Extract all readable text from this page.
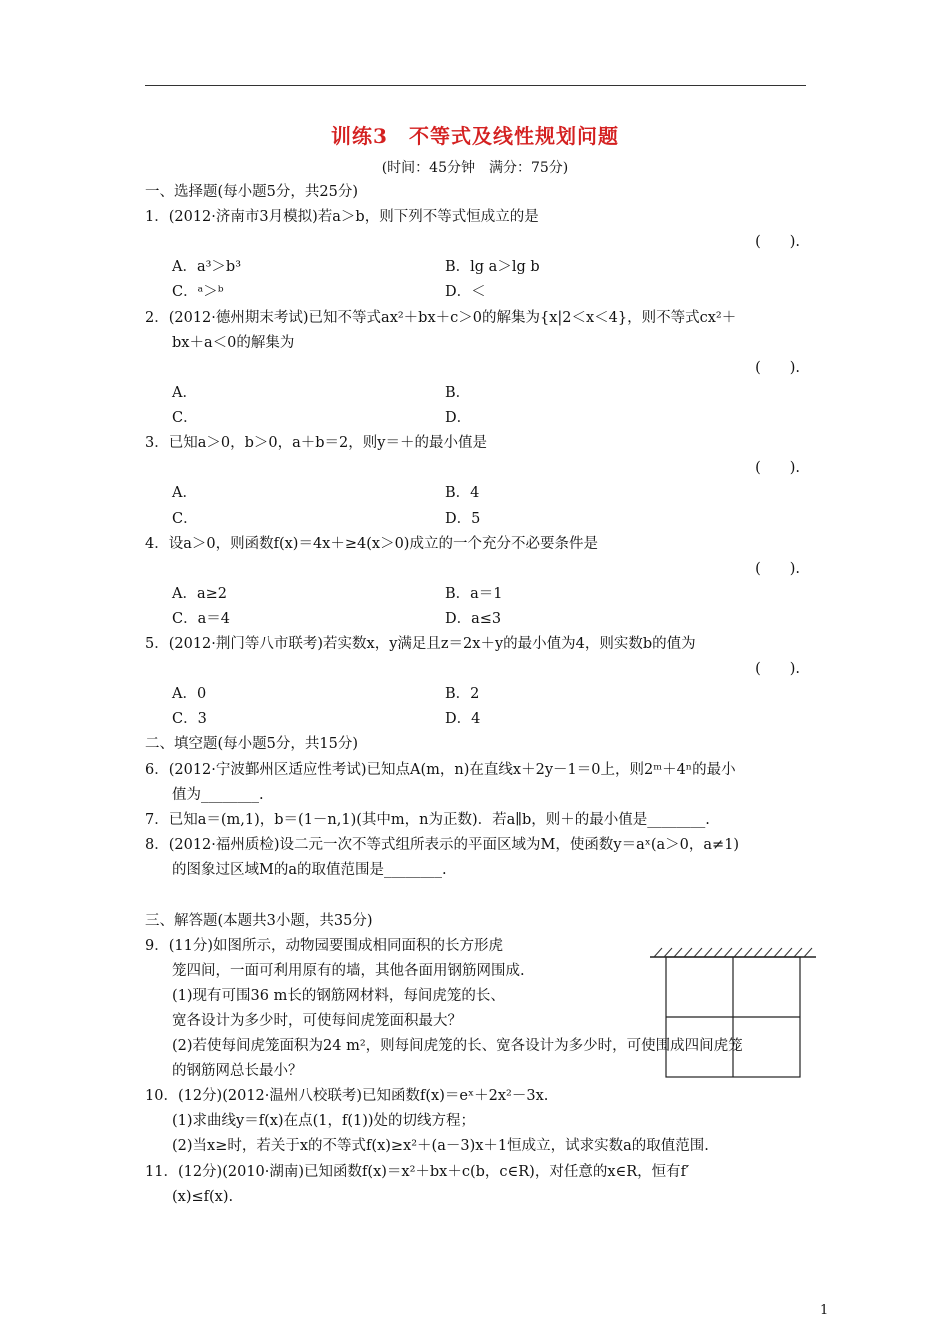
训练3　不等式及线性规划问题
(时间：45分钟　满分：75分)
一、选择题(每小题5分，共25分)
1．(2012·济南市3月模拟)若a＞b，则下列不等式恒成立的是
(　　).
A．a³＞b³	B．lg a＞lg b
C．ᵃ＞ᵇ	D．＜
2．(2012·德州期末考试)已知不等式ax²＋bx＋c＞0的解集为{x|2＜x＜4}，则不等式cx²＋
bx＋a＜0的解集为
(　　).
A．	B．
C．	D．
3．已知a＞0，b＞0，a＋b＝2，则y＝＋的最小值是
(　　).
A．	B．4
C．	D．5
4．设a＞0，则函数f(x)＝4x＋≥4(x＞0)成立的一个充分不必要条件是
(　　).
A．a≥2	B．a＝1
C．a＝4	D．a≤3
5．(2012·荆门等八市联考)若实数x，y满足且z＝2x＋y的最小值为4，则实数b的值为
(　　).
A．0	B．2
C．3	D．4
二、填空题(每小题5分，共15分)
6．(2012·宁波鄞州区适应性考试)已知点A(m，n)在直线x＋2y－1＝0上，则2ᵐ＋4ⁿ的最小
值为________.
7．已知a＝(m,1)，b＝(1－n,1)(其中m，n为正数)．若a∥b，则＋的最小值是________.
8．(2012·福州质检)设二元一次不等式组所表示的平面区域为M，使函数y＝aˣ(a＞0，a≠1)
的图象过区域M的a的取值范围是________.
三、解答题(本题共3小题，共35分)
9．(11分)如图所示，动物园要围成相同面积的长方形虎
笼四间，一面可利用原有的墙，其他各面用钢筋网围成.
(1)现有可围36 m长的钢筋网材料，每间虎笼的长、
宽各设计为多少时，可使每间虎笼面积最大？
(2)若使每间虎笼面积为24 m²，则每间虎笼的长、宽各设计为多少时，可使围成四间虎笼
的钢筋网总长最小？
10．(12分)(2012·温州八校联考)已知函数f(x)＝eˣ＋2x²－3x.
(1)求曲线y＝f(x)在点(1，f(1))处的切线方程；
(2)当x≥时，若关于x的不等式f(x)≥x²＋(a－3)x＋1恒成立，试求实数a的取值范围.
11．(12分)(2010·湖南)已知函数f(x)＝x²＋bx＋c(b，c∈R)，对任意的x∈R，恒有f′
(x)≤f(x).
1
